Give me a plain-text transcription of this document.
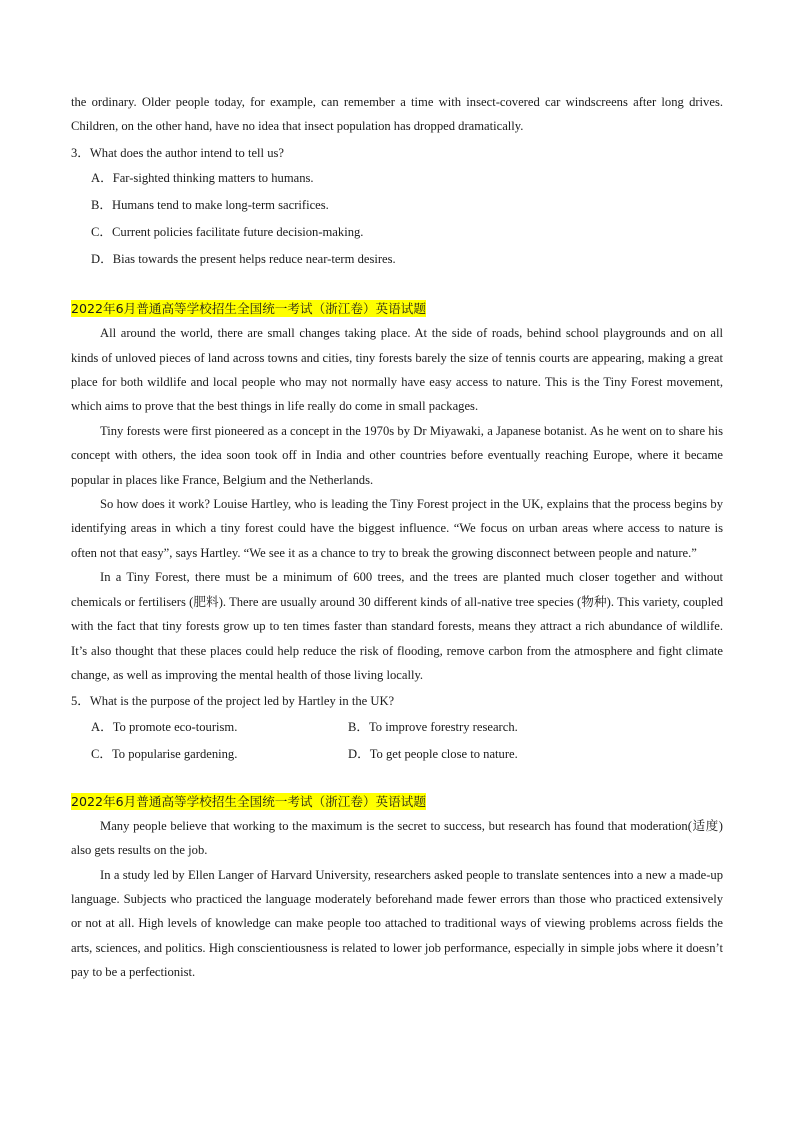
the ordinary. Older people today, for example, can remember a time with insect-covered car windscreens after long drives. Children, on the other hand, have no idea that insect population has dropped dramatically.

3．What does the author intend to tell us?

A．Far-sighted thinking matters to humans.
B．Humans tend to make long-term sacrifices.
C．Current policies facilitate future decision-making.
D．Bias towards the present helps reduce near-term desires.
2022年6月普通高等学校招生全国统一考试（浙江卷）英语试题

All around the world, there are small changes taking place. At the side of roads, behind school playgrounds and on all kinds of unloved pieces of land across towns and cities, tiny forests barely the size of tennis courts are appearing, making a great place for both wildlife and local people who may not normally have easy access to nature. This is the Tiny Forest movement, which aims to prove that the best things in life really do come in small packages.

Tiny forests were first pioneered as a concept in the 1970s by Dr Miyawaki, a Japanese botanist. As he went on to share his concept with others, the idea soon took off in India and other countries before eventually reaching Europe, where it became popular in places like France, Belgium and the Netherlands.

So how does it work? Louise Hartley, who is leading the Tiny Forest project in the UK, explains that the process begins by identifying areas in which a tiny forest could have the biggest influence. “We focus on urban areas where access to nature is often not that easy”, says Hartley. “We see it as a chance to try to break the growing disconnect between people and nature.”

In a Tiny Forest, there must be a minimum of 600 trees, and the trees are planted much closer together and without chemicals or fertilisers (肥料). There are usually around 30 different kinds of all-native tree species (物种). This variety, coupled with the fact that tiny forests grow up to ten times faster than standard forests, means they attract a rich abundance of wildlife. It’s also thought that these places could help reduce the risk of flooding, remove carbon from the atmosphere and fight climate change, as well as improving the mental health of those living locally.

5．What is the purpose of the project led by Hartley in the UK?

A．To promote eco-tourism.	B．To improve forestry research.
C．To popularise gardening.	D．To get people close to nature.
2022年6月普通高等学校招生全国统一考试（浙江卷）英语试题

Many people believe that working to the maximum is the secret to success, but research has found that moderation(适度) also gets results on the job.

In a study led by Ellen Langer of Harvard University, researchers asked people to translate sentences into a new a made-up language. Subjects who practiced the language moderately beforehand made fewer errors than those who practiced extensively or not at all. High levels of knowledge can make people too attached to traditional ways of viewing problems across fields the arts, sciences, and politics. High conscientiousness is related to lower job performance, especially in simple jobs where it doesn’t pay to be a perfectionist.
